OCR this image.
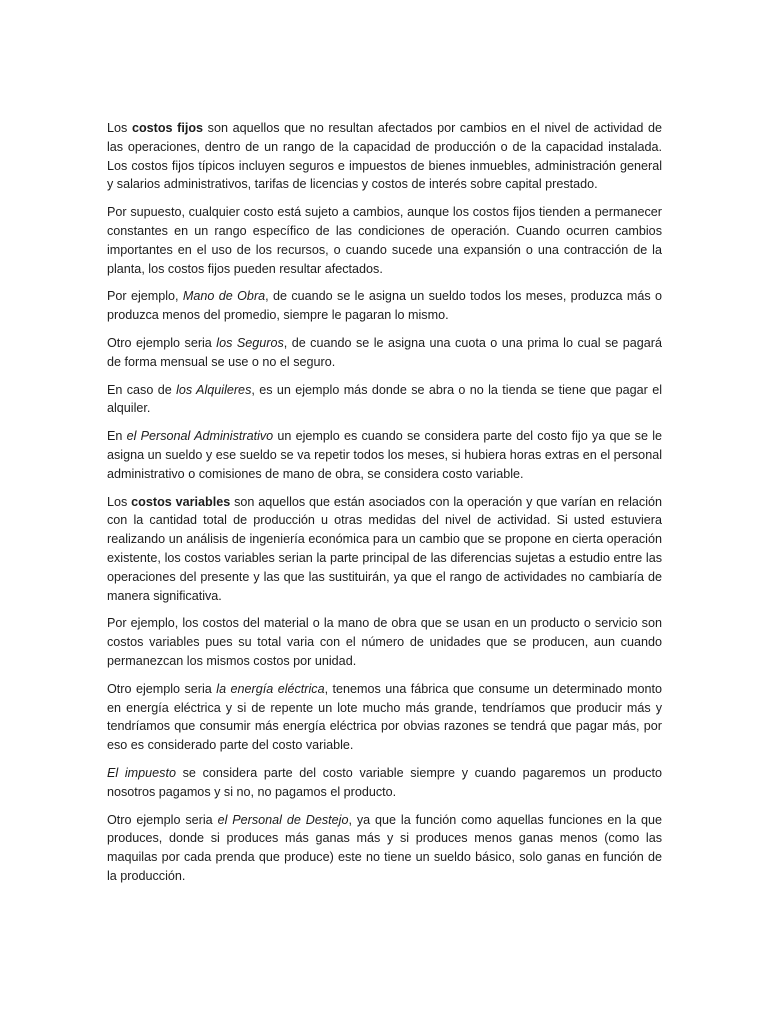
Los costos fijos son aquellos que no resultan afectados por cambios en el nivel de actividad de las operaciones, dentro de un rango de la capacidad de producción o de la capacidad instalada. Los costos fijos típicos incluyen seguros e impuestos de bienes inmuebles, administración general y salarios administrativos, tarifas de licencias y costos de interés sobre capital prestado.

Por supuesto, cualquier costo está sujeto a cambios, aunque los costos fijos tienden a permanecer constantes en un rango específico de las condiciones de operación. Cuando ocurren cambios importantes en el uso de los recursos, o cuando sucede una expansión o una contracción de la planta, los costos fijos pueden resultar afectados.

Por ejemplo, Mano de Obra, de cuando se le asigna un sueldo todos los meses, produzca más o produzca menos del promedio, siempre le pagaran lo mismo.

Otro ejemplo seria los Seguros, de cuando se le asigna una cuota o una prima lo cual se pagará de forma mensual se use o no el seguro.

En caso de los Alquileres, es un ejemplo más donde se abra o no la tienda se tiene que pagar el alquiler.

En el Personal Administrativo un ejemplo es cuando se considera parte del costo fijo ya que se le asigna un sueldo y ese sueldo se va repetir todos los meses, si hubiera horas extras en el personal administrativo o comisiones de mano de obra, se considera costo variable.

Los costos variables son aquellos que están asociados con la operación y que varían en relación con la cantidad total de producción u otras medidas del nivel de actividad. Si usted estuviera realizando un análisis de ingeniería económica para un cambio que se propone en cierta operación existente, los costos variables serian la parte principal de las diferencias sujetas a estudio entre las operaciones del presente y las que las sustituirán, ya que el rango de actividades no cambiaría de manera significativa.

Por ejemplo, los costos del material o la mano de obra que se usan en un producto o servicio son costos variables pues su total varia con el número de unidades que se producen, aun cuando permanezcan los mismos costos por unidad.

Otro ejemplo seria la energía eléctrica, tenemos una fábrica que consume un determinado monto en energía eléctrica y si de repente un lote mucho más grande, tendríamos que producir más y tendríamos que consumir más energía eléctrica por obvias razones se tendrá que pagar más, por eso es considerado parte del costo variable.

El impuesto se considera parte del costo variable siempre y cuando pagaremos un producto nosotros pagamos y si no, no pagamos el producto.

Otro ejemplo seria el Personal de Destejo, ya que la función como aquellas funciones en la que produces, donde si produces más ganas más y si produces menos ganas menos (como las maquilas por cada prenda que produce) este no tiene un sueldo básico, solo ganas en función de la producción.
